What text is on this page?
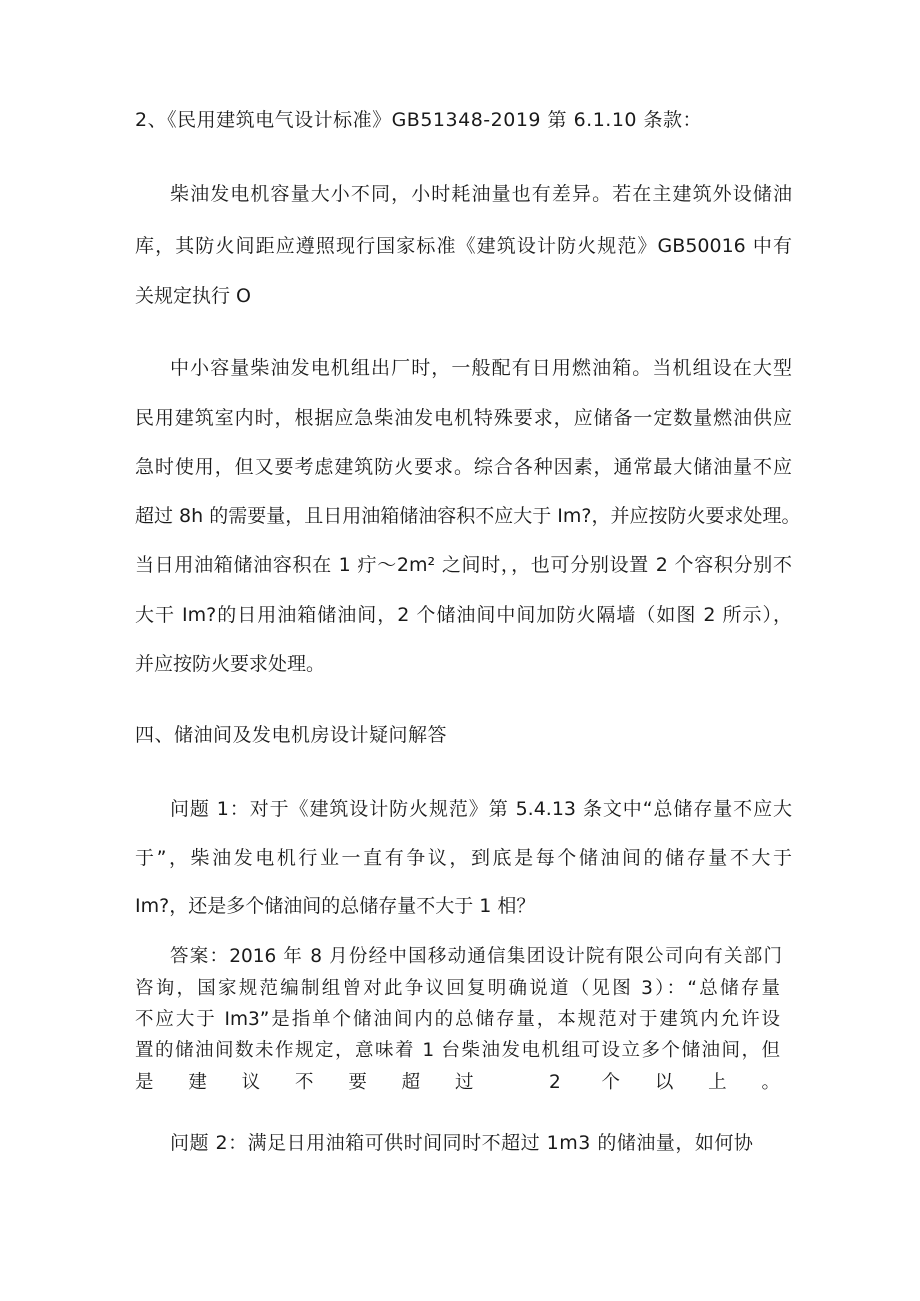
2、《民用建筑电气设计标准》GB51348-2019 第 6.1.10 条款：
柴油发电机容量大小不同，小时耗油量也有差异。若在主建筑外设储油
库，其防火间距应遵照现行国家标准《建筑设计防火规范》GB50016 中有
关规定执行 O
中小容量柴油发电机组出厂时，一般配有日用燃油箱。当机组设在大型
民用建筑室内时，根据应急柴油发电机特殊要求，应储备一定数量燃油供应
急时使用，但又要考虑建筑防火要求。综合各种因素，通常最大储油量不应
超过 8h 的需要量，且日用油箱储油容积不应大于 Im?，并应按防火要求处理。
当日用油箱储油容积在 1 疔～2m² 之间时，，也可分别设置 2 个容积分别不
大干 Im?的日用油箱储油间，2 个储油间中间加防火隔墙（如图 2 所示），
并应按防火要求处理。
四、储油间及发电机房设计疑问解答
问题 1：对于《建筑设计防火规范》第 5.4.13 条文中“总储存量不应大
于”，柴油发电机行业一直有争议，到底是每个储油间的储存量不大于
Im?，还是多个储油间的总储存量不大于 1 相？
答案：2016 年 8 月份经中国移动通信集团设计院有限公司向有关部门
咨询，国家规范编制组曾对此争议回复明确说道（见图 3）：“总储存量
不应大于 Im3”是指单个储油间内的总储存量，本规范对于建筑内允许设
置的储油间数未作规定，意味着 1 台柴油发电机组可设立多个储油间，但
是建议不要超过 2 个以上。
问题 2：满足日用油箱可供时间同时不超过 1m3 的储油量，如何协
